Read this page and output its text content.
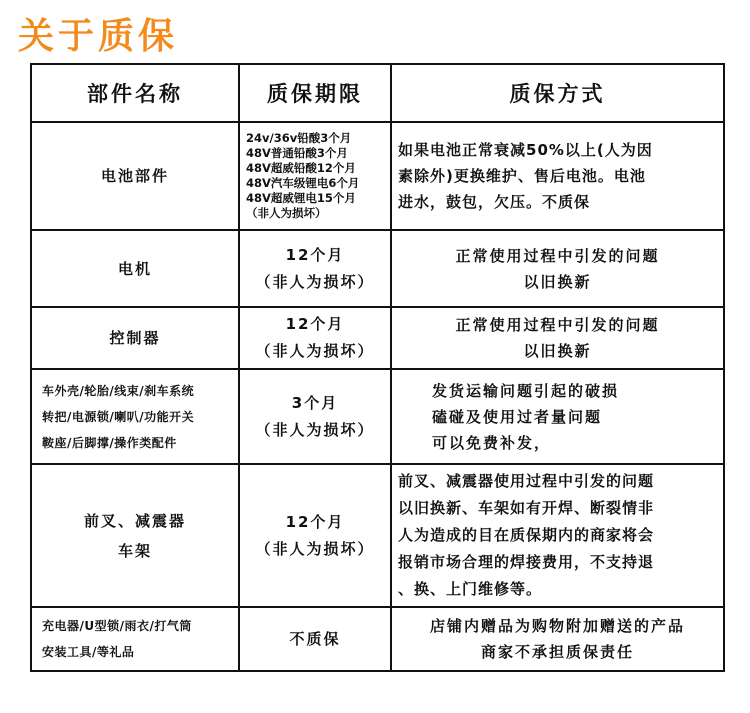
关于质保
部件名称	质保期限	质保方式
电池部件
24v/36v铅酸3个月
48V普通铅酸3个月
48V超威铅酸12个月
48V汽车级锂电6个月
48V超威锂电15个月
（非人为损坏）
如果电池正常衰减50%以上(人为因
素除外)更换维护、售后电池。电池
进水，鼓包，欠压。不质保
电机
12个月
（非人为损坏）
正常使用过程中引发的问题
以旧换新
控制器
12个月
（非人为损坏）
正常使用过程中引发的问题
以旧换新
车外壳/轮胎/线束/刹车系统
转把/电源锁/喇叭/功能开关
鞍座/后脚撑/操作类配件
3个月
（非人为损坏）
发货运输问题引起的破损
磕碰及使用过者量问题
可以免费补发，
前叉、减震器
车架
12个月
（非人为损坏）
前叉、减震器使用过程中引发的问题
以旧换新、车架如有开焊、断裂情非
人为造成的目在质保期内的商家将会
报销市场合理的焊接费用，不支持退
、换、上门维修等。
充电器/U型锁/雨衣/打气筒
安装工具/等礼品
不质保
店铺内赠品为购物附加赠送的产品
商家不承担质保责任
